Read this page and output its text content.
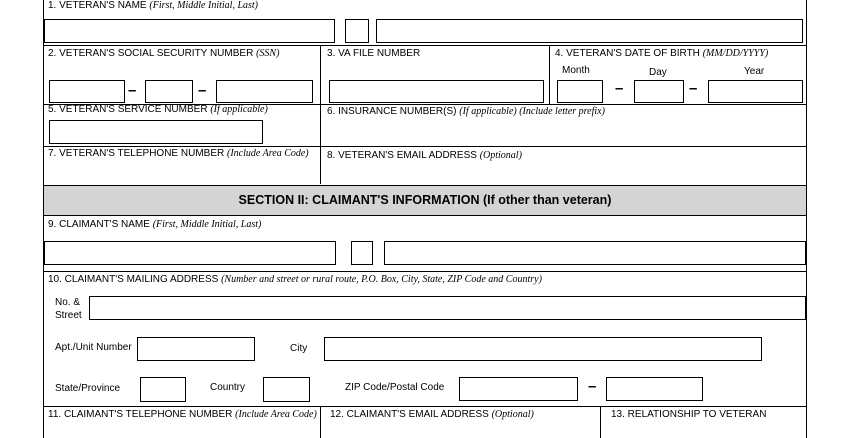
1. VETERAN'S NAME (First, Middle Initial, Last)
2. VETERAN'S SOCIAL SECURITY NUMBER (SSN)	3. VA FILE NUMBER	4. VETERAN'S DATE OF BIRTH (MM/DD/YYYY)
Month	Day	Year
–	–	–	–
5. VETERAN'S SERVICE NUMBER (If applicable)	6. INSURANCE NUMBER(S) (If applicable) (Include letter prefix)
7. VETERAN'S TELEPHONE NUMBER (Include Area Code) 8. VETERAN'S EMAIL ADDRESS (Optional)
SECTION II: CLAIMANT'S INFORMATION (If other than veteran)
9. CLAIMANT'S NAME (First, Middle Initial, Last)
10. CLAIMANT'S MAILING ADDRESS (Number and street or rural route, P.O. Box, City, State, ZIP Code and Country)
No. &
Street
Apt./Unit Number	City
State/Province	Country	ZIP Code/Postal Code	–
11. CLAIMANT'S TELEPHONE NUMBER (Include Area Code) 12. CLAIMANT'S EMAIL ADDRESS (Optional)	13. RELATIONSHIP TO VETERAN
